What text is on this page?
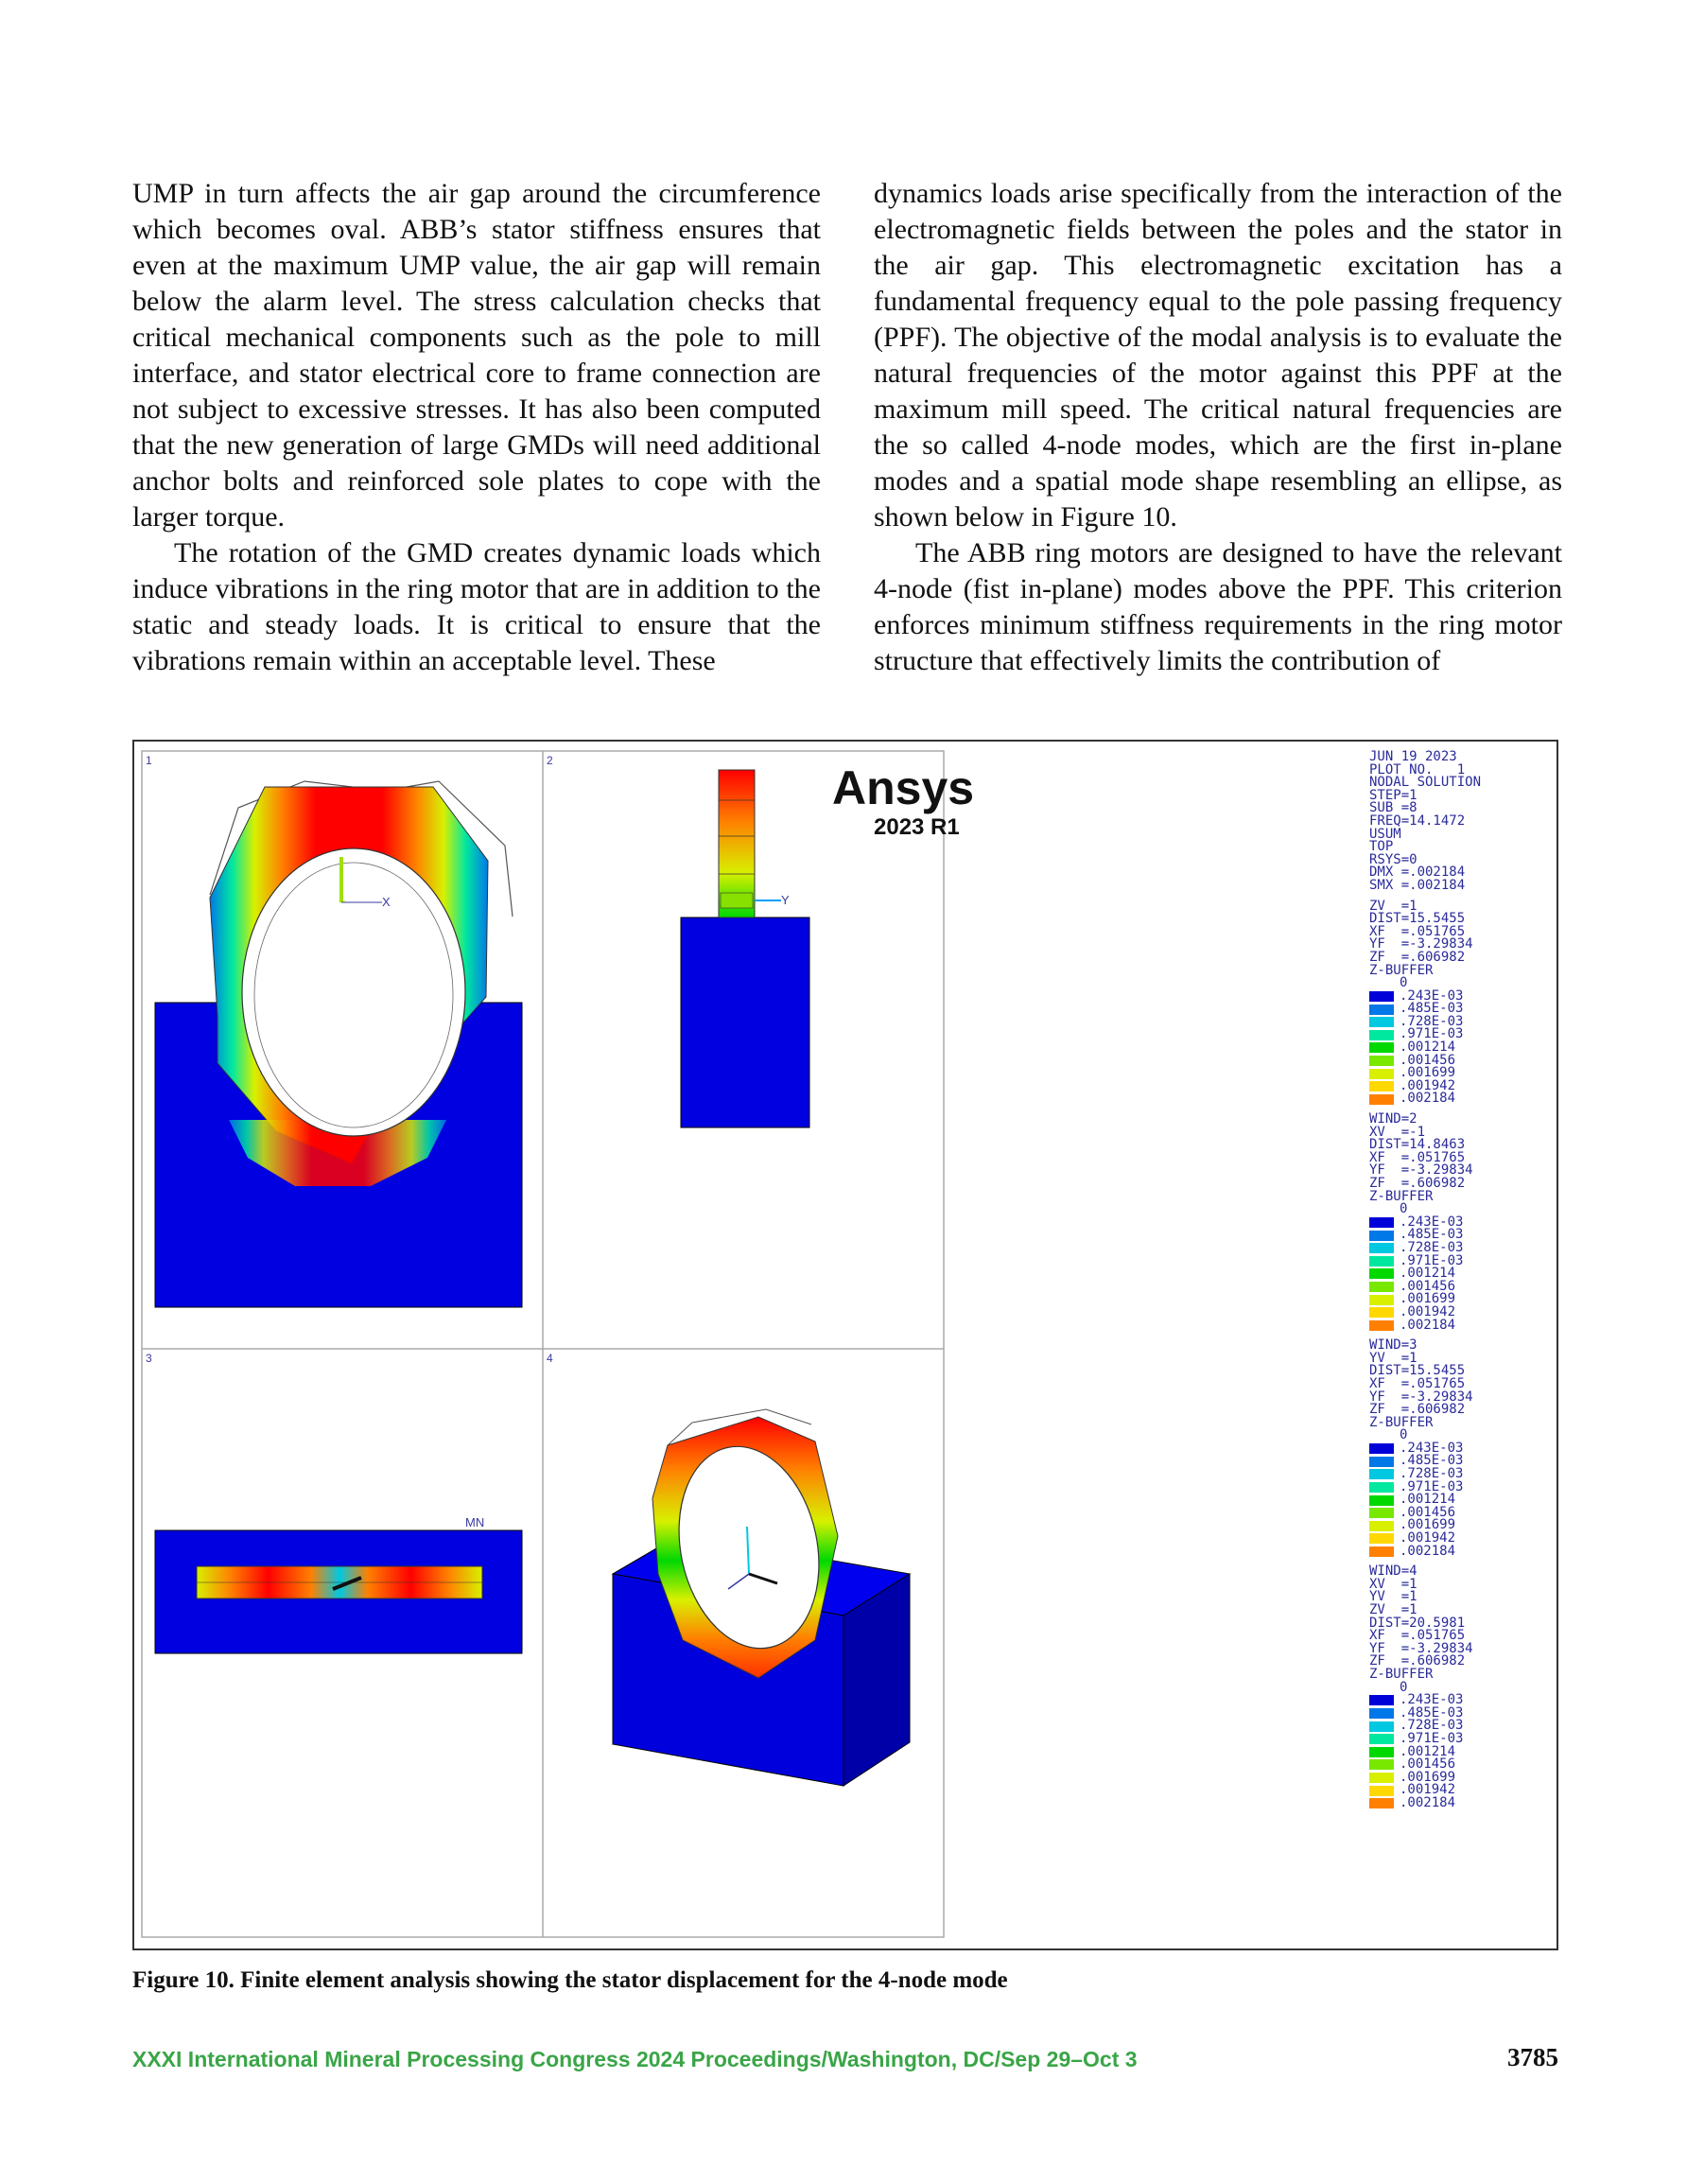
UMP in turn affects the air gap around the circumference which becomes oval. ABB’s stator stiffness ensures that even at the maximum UMP value, the air gap will remain below the alarm level. The stress calculation checks that critical mechanical components such as the pole to mill interface, and stator electrical core to frame connection are not subject to excessive stresses. It has also been computed that the new generation of large GMDs will need additional anchor bolts and reinforced sole plates to cope with the larger torque.

The rotation of the GMD creates dynamic loads which induce vibrations in the ring motor that are in addition to the static and steady loads. It is critical to ensure that the vibrations remain within an acceptable level. These

dynamics loads arise specifically from the interaction of the electromagnetic fields between the poles and the stator in the air gap. This electromagnetic excitation has a fundamental frequency equal to the pole passing frequency (PPF). The objective of the modal analysis is to evaluate the natural frequencies of the motor against this PPF at the maximum mill speed. The critical natural frequencies are the so called 4-node modes, which are the first in-plane modes and a spatial mode shape resembling an ellipse, as shown below in Figure 10.

The ABB ring motors are designed to have the relevant 4-node (fist in-plane) modes above the PPF. This criterion enforces minimum stiffness requirements in the ring motor structure that effectively limits the contribution of

1	2
3	4
X	Y
MN
Ansys
2023 R1
JUN 19 2023
PLOT NO.   1
NODAL SOLUTION
STEP=1
SUB =8
FREQ=14.1472
USUM
TOP
RSYS=0
DMX =.002184
SMX =.002184
ZV  =1
DIST=15.5455
XF  =.051765
YF  =-3.29834
ZF  =.606982
Z-BUFFER
0
.243E-03
.485E-03
.728E-03
.971E-03
.001214
.001456
.001699
.001942
.002184
WIND=2
XV  =-1
DIST=14.8463
XF  =.051765
YF  =-3.29834
ZF  =.606982
Z-BUFFER
0
.243E-03
.485E-03
.728E-03
.971E-03
.001214
.001456
.001699
.001942
.002184
WIND=3
YV  =1
DIST=15.5455
XF  =.051765
YF  =-3.29834
ZF  =.606982
Z-BUFFER
0
.243E-03
.485E-03
.728E-03
.971E-03
.001214
.001456
.001699
.001942
.002184
WIND=4
XV  =1
YV  =1
ZV  =1
DIST=20.5981
XF  =.051765
YF  =-3.29834
ZF  =.606982
Z-BUFFER
0
.243E-03
.485E-03
.728E-03
.971E-03
.001214
.001456
.001699
.001942
.002184
Figure 10. Finite element analysis showing the stator displacement for the 4-node mode
XXXI International Mineral Processing Congress 2024 Proceedings/Washington, DC/Sep 29–Oct 3	3785
